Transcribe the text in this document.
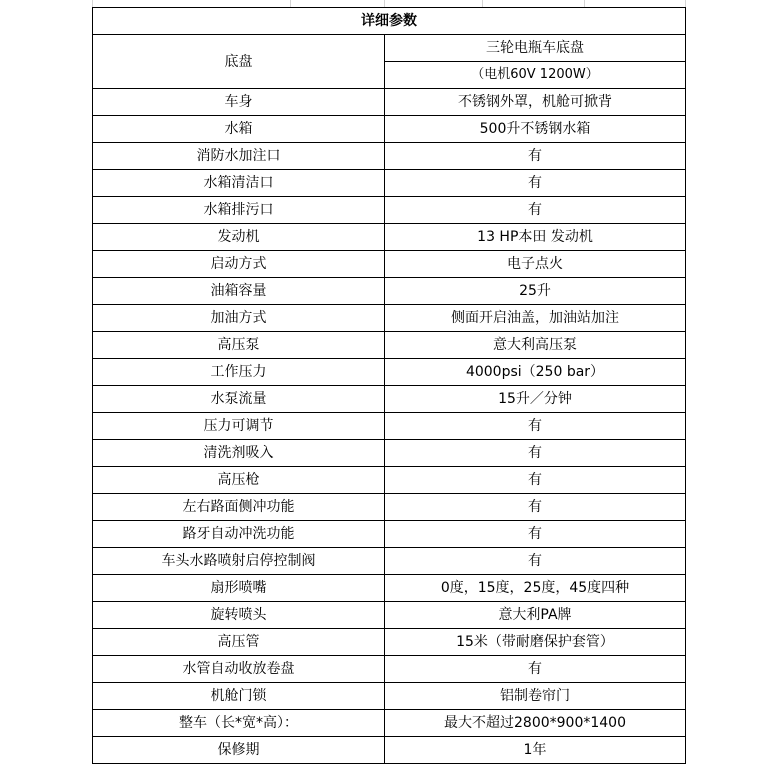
详细参数	
底盘	三轮电瓶车底盘
	（电机60V 1200W）
车身	不锈钢外罩，机舱可掀背
水箱	500升不锈钢水箱
消防水加注口	有
水箱清洁口	有
水箱排污口	有
发动机	13 HP本田 发动机
启动方式	电子点火
油箱容量	25升
加油方式	侧面开启油盖，加油站加注
高压泵	意大利高压泵
工作压力	4000psi（250 bar）
水泵流量	15升／分钟
压力可调节	有
清洗剂吸入	有
高压枪	有
左右路面侧冲功能	有
路牙自动冲洗功能	有
车头水路喷射启停控制阀	有
扇形喷嘴	0度，15度，25度，45度四种
旋转喷头	意大利PA牌
高压管	15米（带耐磨保护套管）
水管自动收放卷盘	有
机舱门锁	铝制卷帘门
整车（长*宽*高）：	最大不超过2800*900*1400
保修期	1年
